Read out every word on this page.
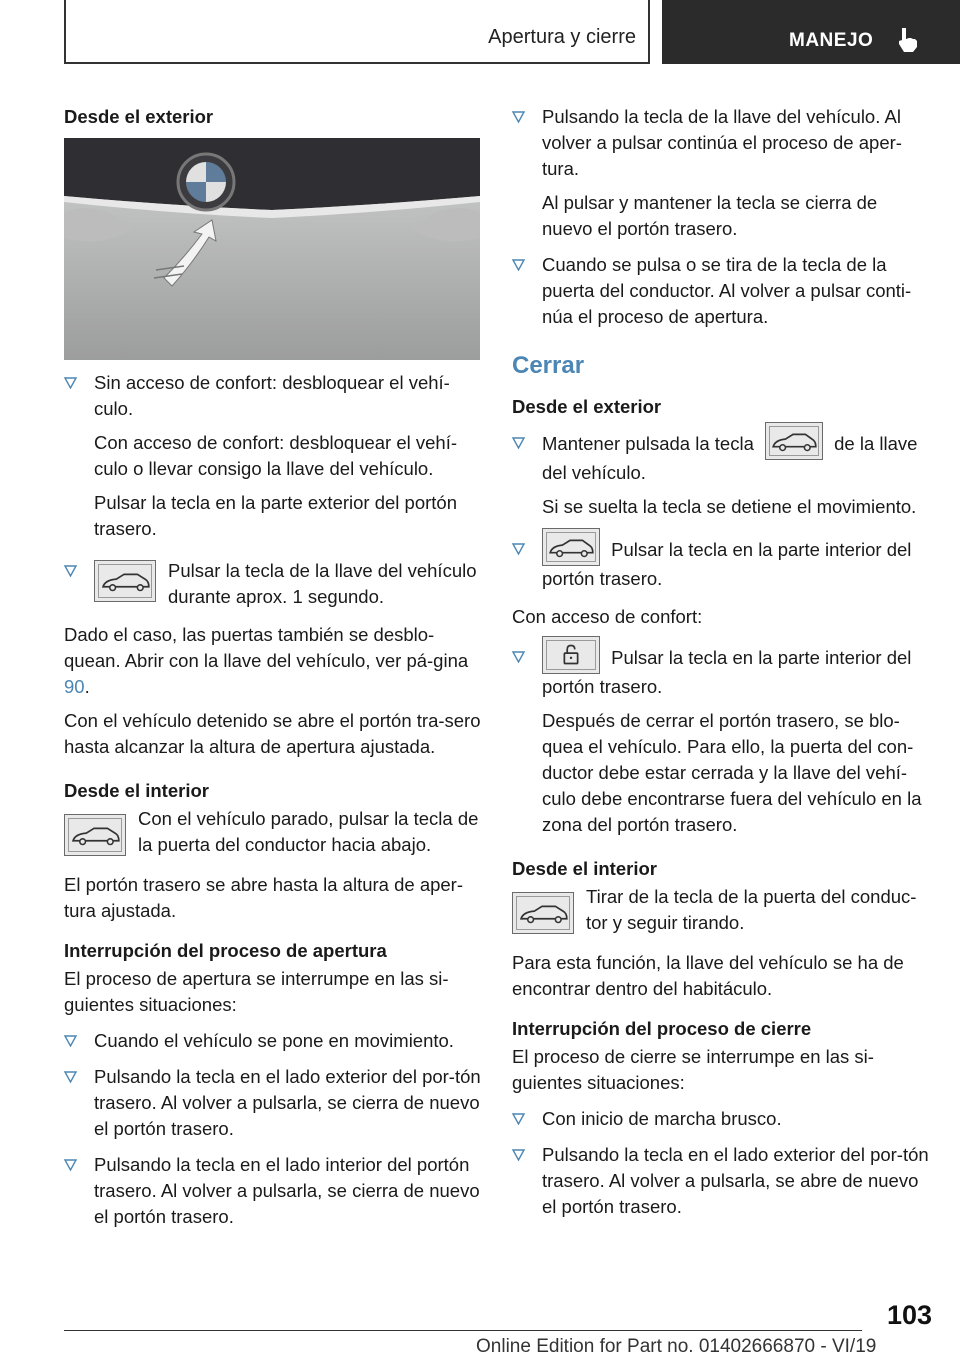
Apertura y cierre	MANEJO
Desde el exterior
Sin acceso de confort: desbloquear el vehí-culo.
Con acceso de confort: desbloquear el vehí-culo o llevar consigo la llave del vehículo.
Pulsar la tecla en la parte exterior del portón trasero.
Pulsar la tecla de la llave del vehículo durante aprox. 1 segundo.

Dado el caso, las puertas también se desblo-quean. Abrir con la llave del vehículo, ver pá-gina 90.

Con el vehículo detenido se abre el portón tra-sero hasta alcanzar la altura de apertura ajustada.

Desde el interior

Con el vehículo parado, pulsar la tecla de la puerta del conductor hacia abajo.

El portón trasero se abre hasta la altura de aper-tura ajustada.

Interrupción del proceso de apertura

El proceso de apertura se interrumpe en las si-guientes situaciones:

Cuando el vehículo se pone en movimiento.
Pulsando la tecla en el lado exterior del por-tón trasero. Al volver a pulsarla, se cierra de nuevo el portón trasero.
Pulsando la tecla en el lado interior del portón trasero. Al volver a pulsarla, se cierra de nuevo el portón trasero.
Pulsando la tecla de la llave del vehículo. Al volver a pulsar continúa el proceso de aper-tura.
Al pulsar y mantener la tecla se cierra de nuevo el portón trasero.
Cuando se pulsa o se tira de la tecla de la puerta del conductor. Al volver a pulsar conti-núa el proceso de apertura.
Cerrar
Desde el exterior
Mantener pulsada la tecla	de la llave del vehículo.
Si se suelta la tecla se detiene el movimiento.
Pulsar la tecla en la parte interior del portón trasero.

Con acceso de confort:

Pulsar la tecla en la parte interior del portón trasero.
Después de cerrar el portón trasero, se blo-quea el vehículo. Para ello, la puerta del con-ductor debe estar cerrada y la llave del vehí-culo debe encontrarse fuera del vehículo en la zona del portón trasero.
Desde el interior

Tirar de la tecla de la puerta del conduc-tor y seguir tirando.

Para esta función, la llave del vehículo se ha de encontrar dentro del habitáculo.

Interrupción del proceso de cierre

El proceso de cierre se interrumpe en las si-guientes situaciones:

Con inicio de marcha brusco.
Pulsando la tecla en el lado exterior del por-tón trasero. Al volver a pulsarla, se abre de nuevo el portón trasero.
103
Online Edition for Part no. 01402666870 - VI/19
